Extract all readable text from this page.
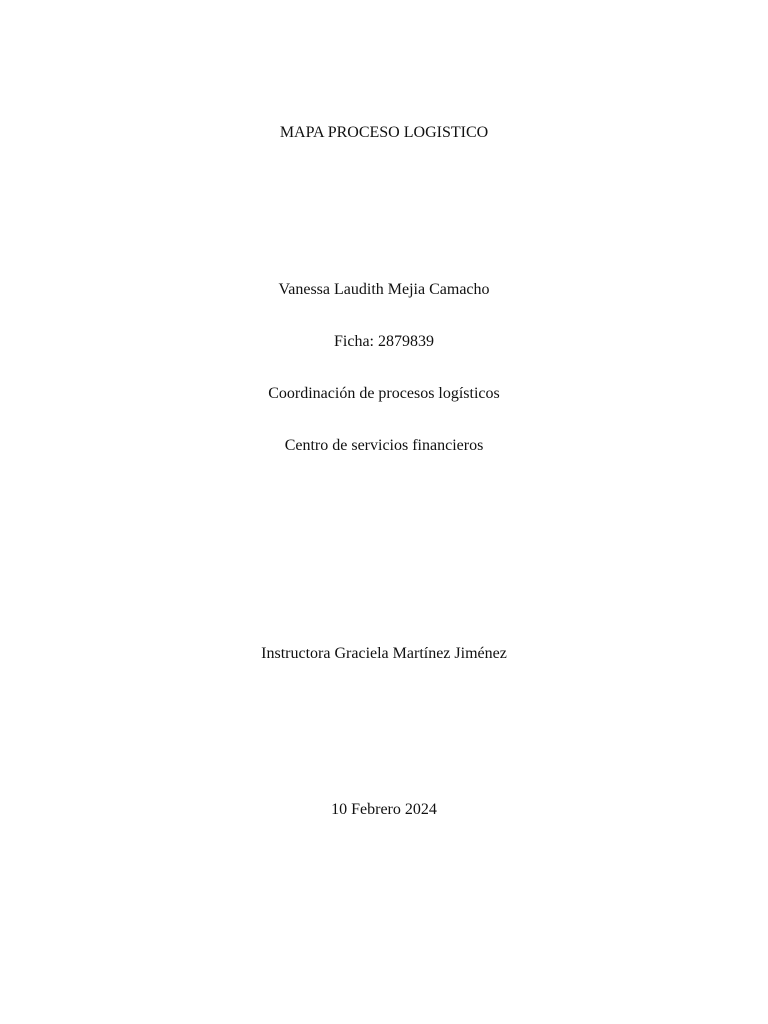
MAPA PROCESO LOGISTICO
Vanessa Laudith Mejia Camacho
Ficha: 2879839
Coordinación de procesos logísticos
Centro de servicios financieros
Instructora Graciela Martínez Jiménez
10 Febrero 2024
